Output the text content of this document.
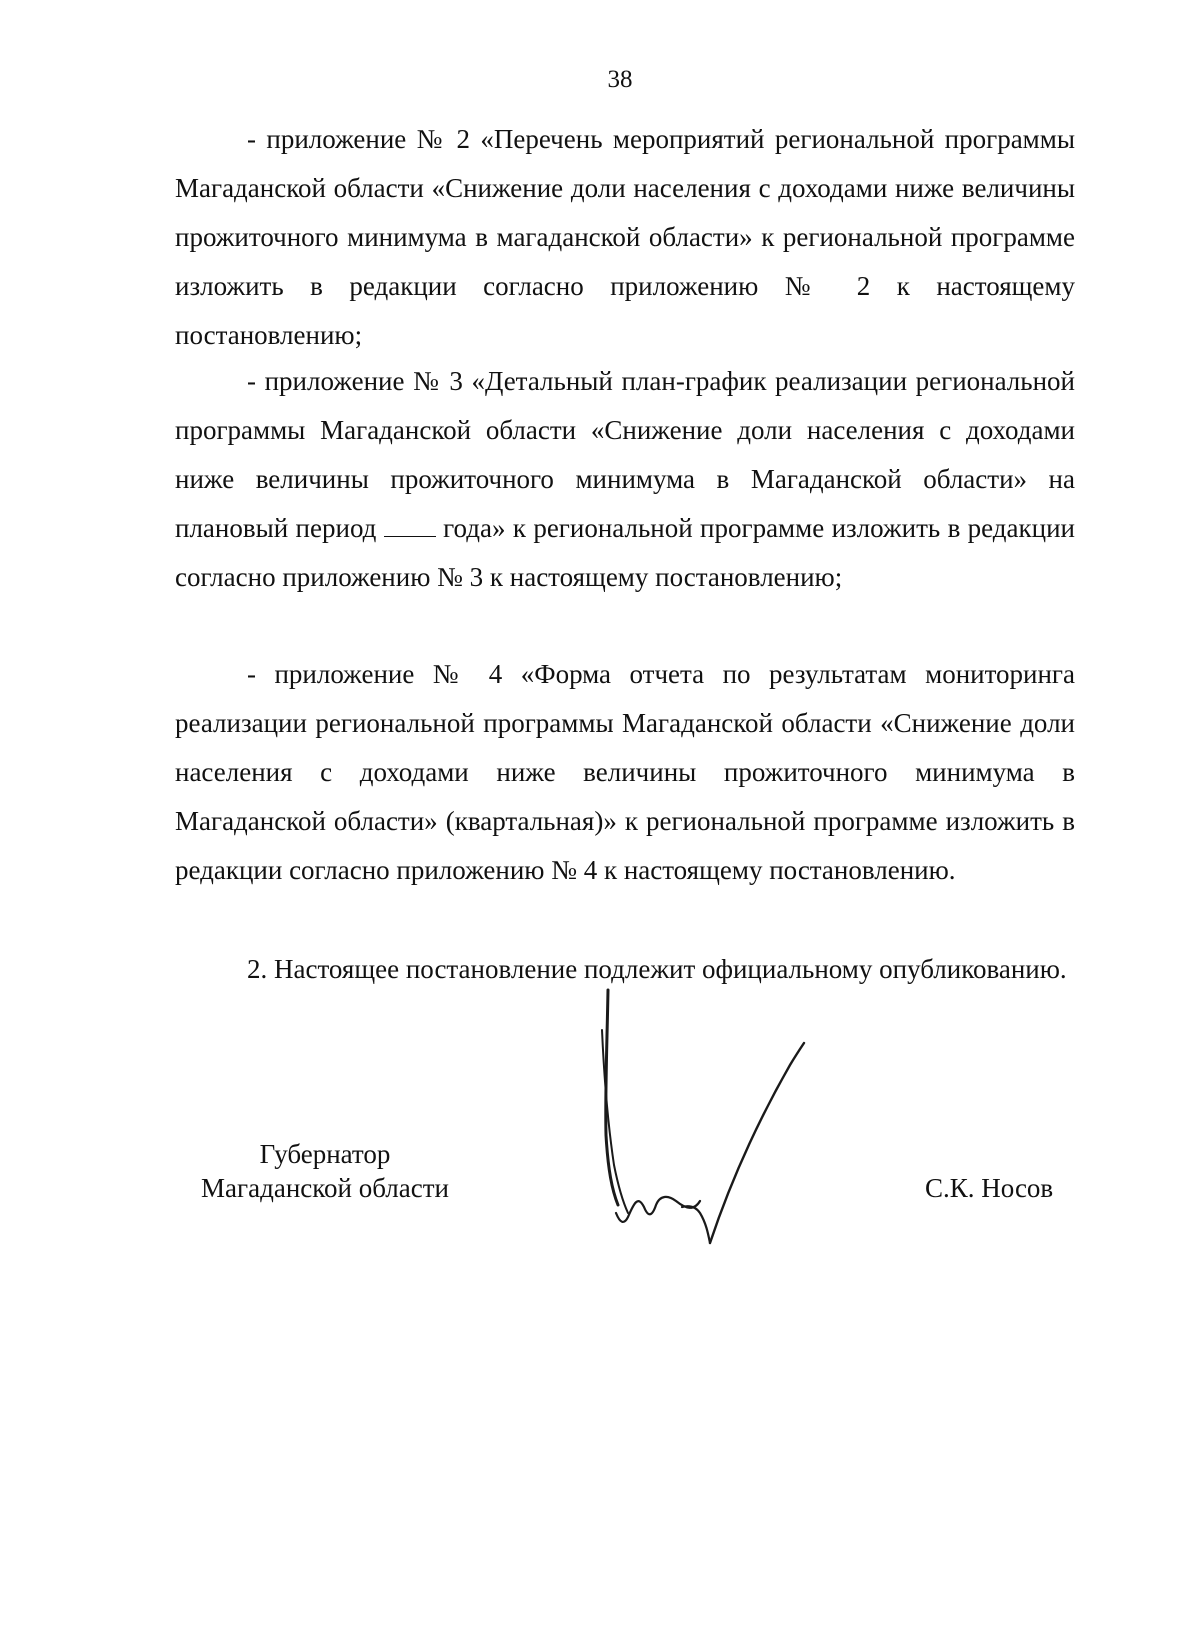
38

- приложение № 2 «Перечень мероприятий региональной программы Магаданской области «Снижение доли населения с доходами ниже величины прожиточного минимума в магаданской области» к региональной программе изложить в редакции согласно приложению № 2 к настоящему постановлению;

- приложение № 3 «Детальный план-график реализации региональной программы Магаданской области «Снижение доли населения с доходами ниже величины прожиточного минимума в Магаданской области» на плановый период  года» к региональной программе изложить в редакции согласно приложению № 3 к настоящему постановлению;

- приложение № 4 «Форма отчета по результатам мониторинга реализации региональной программы Магаданской области «Снижение доли населения с доходами ниже величины прожиточного минимума в Магаданской области» (квартальная)» к региональной программе изложить в редакции согласно приложению № 4 к настоящему постановлению.

2. Настоящее постановление подлежит официальному опубликованию.

Губернатор
Магаданской области	С.К. Носов
